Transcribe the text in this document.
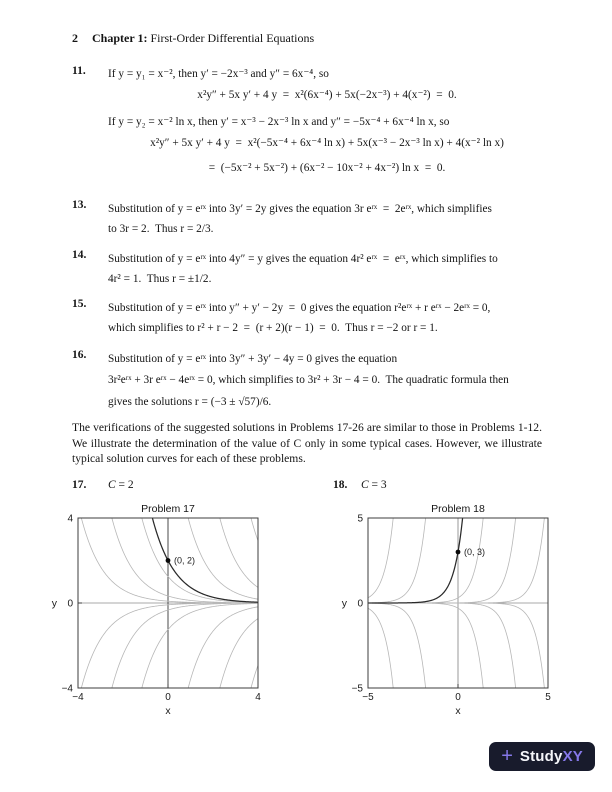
2 Chapter 1: First-Order Differential Equations
11. If y = y₁ = x⁻², then y′ = −2x⁻³ and y″ = 6x⁻⁴, so
x²y″ + 5x y′ + 4 y  =  x²(6x⁻⁴) + 5x(−2x⁻³) + 4(x⁻²)  =  0.
If y = y₂ = x⁻² ln x, then y′ = x⁻³ − 2x⁻³ ln x and y″ = −5x⁻⁴ + 6x⁻⁴ ln x, so
x²y″ + 5x y′ + 4 y  =  x²(−5x⁻⁴ + 6x⁻⁴ ln x) + 5x(x⁻³ − 2x⁻³ ln x) + 4(x⁻² ln x)
=  (−5x⁻² + 5x⁻²) + (6x⁻² − 10x⁻² + 4x⁻²) ln x  =  0.
13. Substitution of y = eʳˣ into 3y′ = 2y gives the equation 3r eʳˣ  =  2eʳˣ, which simplifies
to 3r = 2.  Thus r = 2/3.
14. Substitution of y = eʳˣ into 4y″ = y gives the equation 4r² eʳˣ  =  eʳˣ, which simplifies to
4r² = 1.  Thus r = ±1/2.
15. Substitution of y = eʳˣ into y″ + y′ − 2y  =  0 gives the equation r²eʳˣ + r eʳˣ − 2eʳˣ = 0,
which simplifies to r² + r − 2  =  (r + 2)(r − 1)  =  0.  Thus r = −2 or r = 1.
16. Substitution of y = eʳˣ into 3y″ + 3y′ − 4y = 0 gives the equation
3r²eʳˣ + 3r eʳˣ − 4eʳˣ = 0, which simplifies to 3r² + 3r − 4 = 0.  The quadratic formula then
gives the solutions r = (−3 ± √57)/6.
The verifications of the suggested solutions in Problems 17-26 are similar to those in Problems 1-12. We illustrate the determination of the value of C only in some typical cases. However, we illustrate typical solution curves for each of these problems.
17. C = 2	18. C = 3
−4	0	4
−4
0
4
x
y
Problem 17
(0, 2)
−5	0	5
−5
0
5
x
y
Problem 18
(0, 3)
+ Study XY
